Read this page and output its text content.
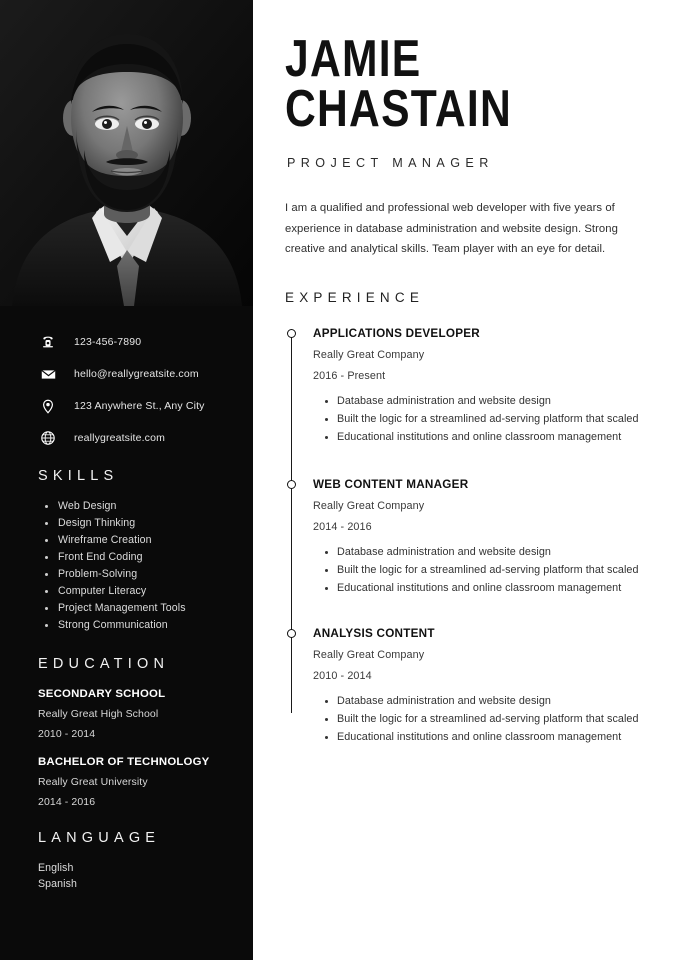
123-456-7890
hello@reallygreatsite.com
123 Anywhere St., Any City
reallygreatsite.com
SKILLS
Web Design
Design Thinking
Wireframe Creation
Front End Coding
Problem-Solving
Computer Literacy
Project Management Tools
Strong Communication
EDUCATION
SECONDARY SCHOOL
Really Great High School
2010 - 2014
BACHELOR OF TECHNOLOGY
Really Great University
2014 - 2016
LANGUAGE
English
Spanish
JAMIE
CHASTAIN
PROJECT MANAGER

I am a qualified and professional web developer with five years of experience in database administration and website design. Strong creative and analytical skills. Team player with an eye for detail.

EXPERIENCE
APPLICATIONS DEVELOPER
Really Great Company
2016 - Present
Database administration and website design
Built the logic for a streamlined ad-serving platform that scaled
Educational institutions and online classroom management
WEB CONTENT MANAGER
Really Great Company
2014 - 2016
Database administration and website design
Built the logic for a streamlined ad-serving platform that scaled
Educational institutions and online classroom management
ANALYSIS CONTENT
Really Great Company
2010 - 2014
Database administration and website design
Built the logic for a streamlined ad-serving platform that scaled
Educational institutions and online classroom management
